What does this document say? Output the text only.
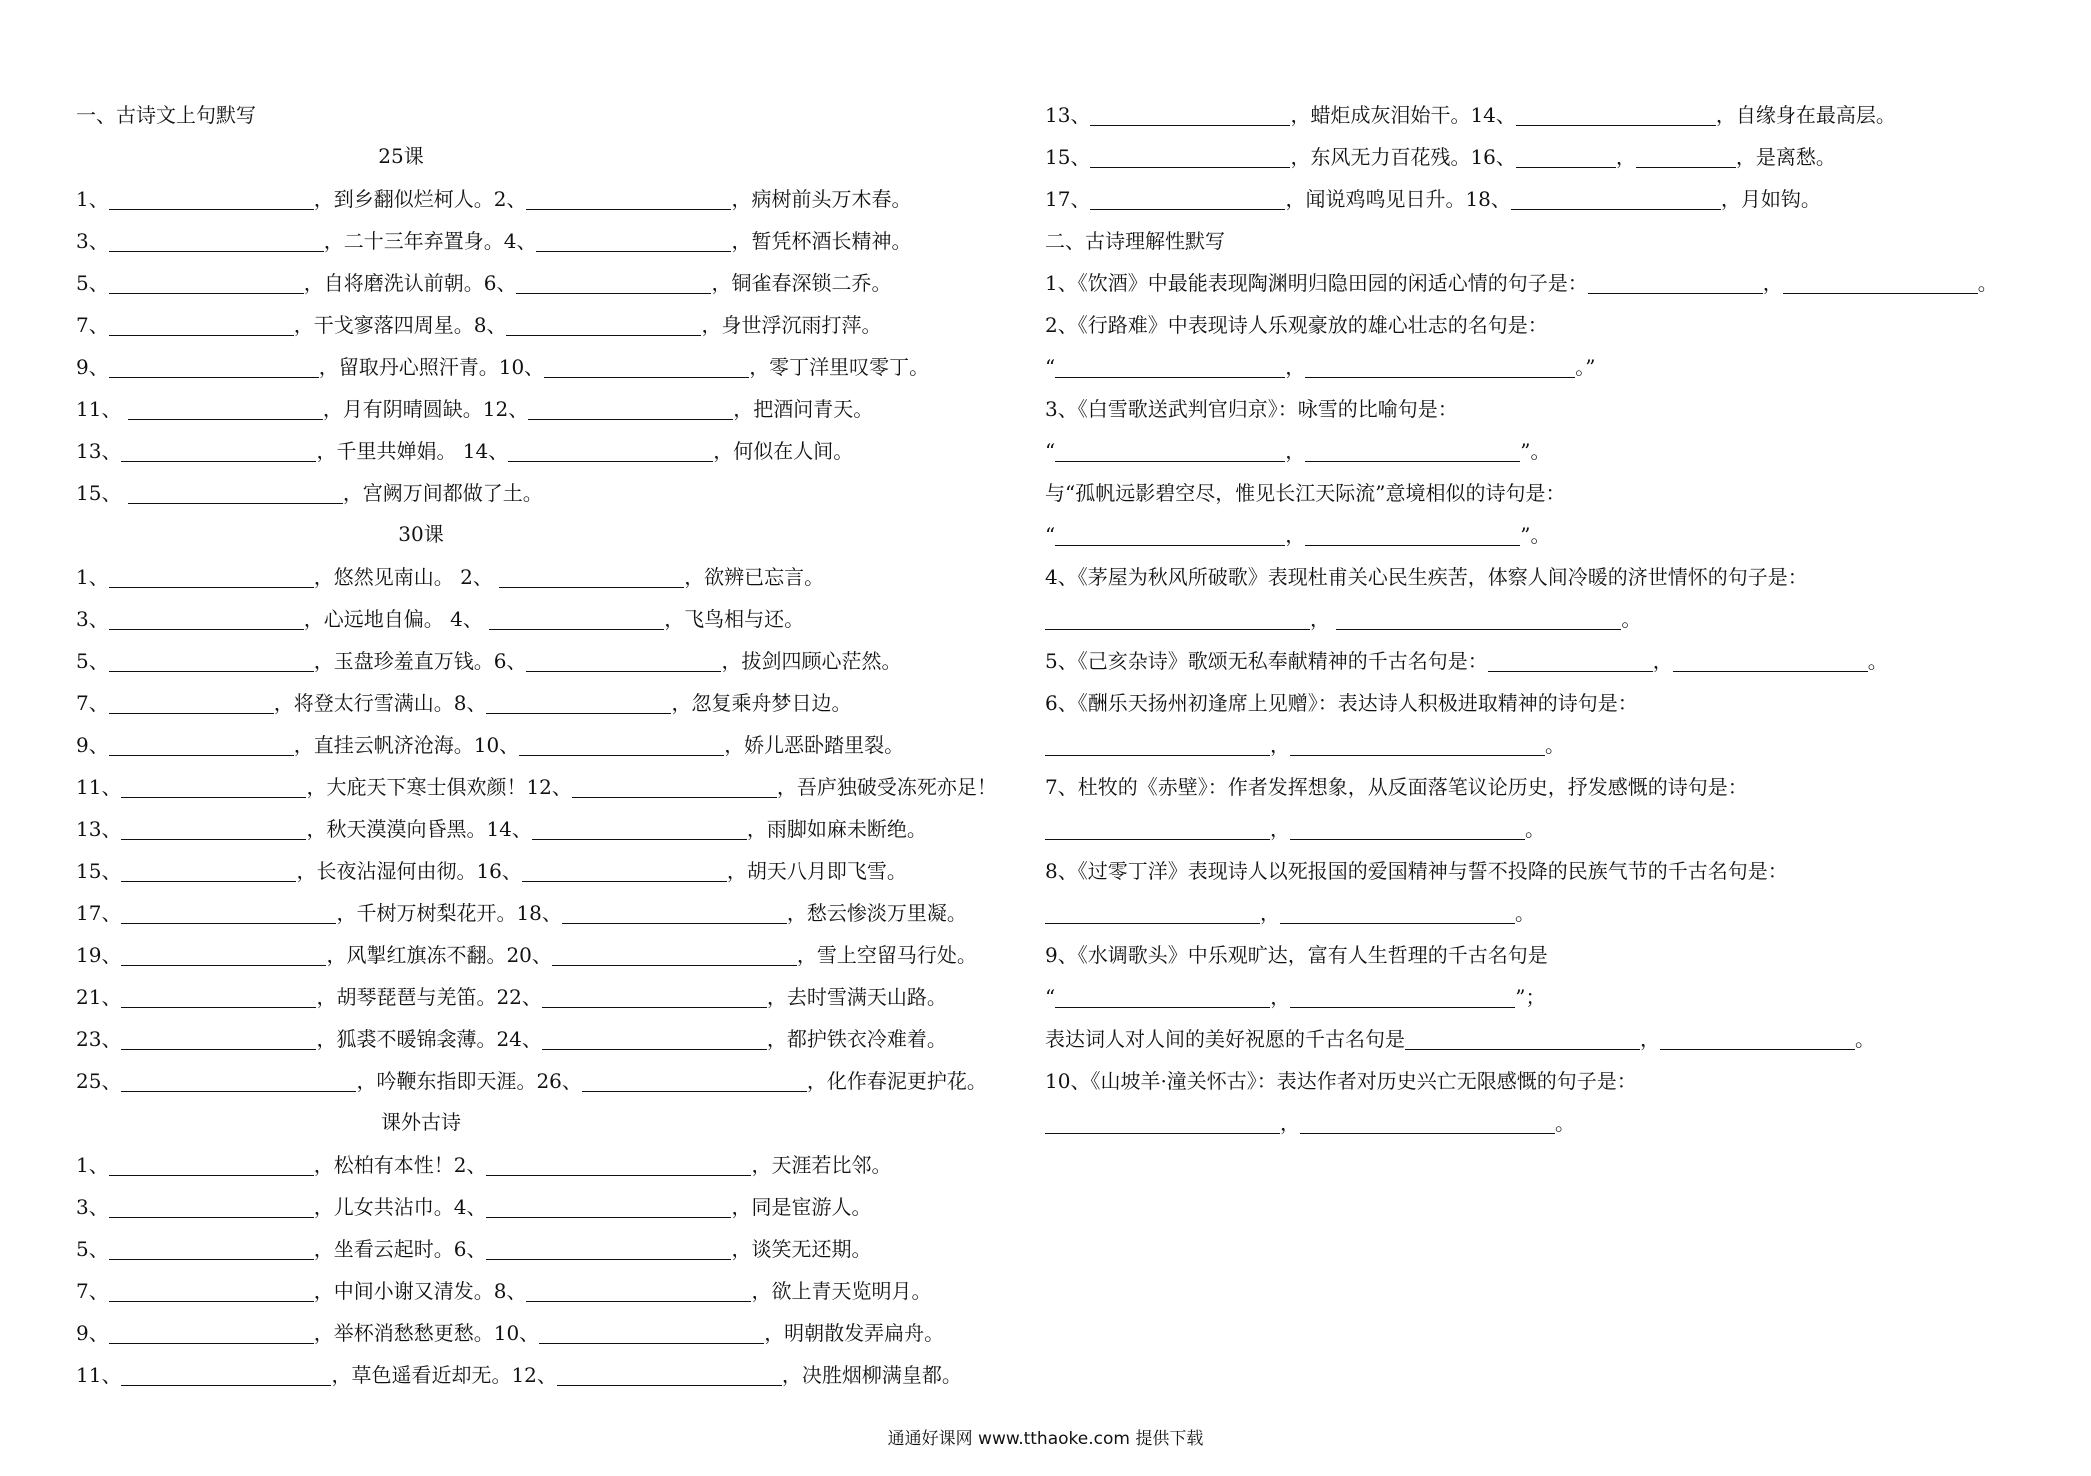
一、古诗文上句默写
25课
30课
课外古诗
1、	，到乡翻似烂柯人。2、	，病树前头万木春。
3、	，二十三年弃置身。4、	，暂凭杯酒长精神。
5、	，自将磨洗认前朝。6、	，铜雀春深锁二乔。
7、	，干戈寥落四周星。8、	，身世浮沉雨打萍。
9、	，留取丹心照汗青。10、	，零丁洋里叹零丁。
11、	，月有阴晴圆缺。12、	，把酒问青天。
13、	，千里共婵娟。 14、	，何似在人间。
15、	，宫阙万间都做了土。
1、	，悠然见南山。 2、	，欲辨已忘言。
3、	，心远地自偏。 4、	，飞鸟相与还。
5、	，玉盘珍羞直万钱。6、	，拔剑四顾心茫然。
7、	，将登太行雪满山。8、	，忽复乘舟梦日边。
9、	，直挂云帆济沧海。10、	，娇儿恶卧踏里裂。
11、	，大庇天下寒士俱欢颜！12、	，吾庐独破受冻死亦足！
13、	，秋天漠漠向昏黑。14、	，雨脚如麻未断绝。
15、	，长夜沾湿何由彻。16、	，胡天八月即飞雪。
17、	，千树万树梨花开。18、	，愁云惨淡万里凝。
19、	，风掣红旗冻不翻。20、	，雪上空留马行处。
21、	，胡琴琵琶与羌笛。22、	，去时雪满天山路。
23、	，狐裘不暖锦衾薄。24、	，都护铁衣冷难着。
25、	，吟鞭东指即天涯。26、	，化作春泥更护花。
1、	，松柏有本性！2、	，天涯若比邻。
3、	，儿女共沾巾。4、	，同是宦游人。
5、	，坐看云起时。6、	，谈笑无还期。
7、	，中间小谢又清发。8、	，欲上青天览明月。
9、	，举杯消愁愁更愁。10、	，明朝散发弄扁舟。
11、	，草色遥看近却无。12、	，决胜烟柳满皇都。
二、古诗理解性默写
13、	，蜡炬成灰泪始干。14、	，自缘身在最高层。
15、	，东风无力百花残。16、	，	，是离愁。
17、	，闻说鸡鸣见日升。18、	，月如钩。
1、《饮酒》中最能表现陶渊明归隐田园的闲适心情的句子是：	，	。
2、《行路难》中表现诗人乐观豪放的雄心壮志的名句是：
“	，	。”
3、《白雪歌送武判官归京》：咏雪的比喻句是：
“	，	”。
与“孤帆远影碧空尽，惟见长江天际流”意境相似的诗句是：
“	，	”。
4、《茅屋为秋风所破歌》表现杜甫关心民生疾苦，体察人间冷暖的济世情怀的句子是：
，	。
5、《己亥杂诗》歌颂无私奉献精神的千古名句是：	，	。
6、《酬乐天扬州初逢席上见赠》：表达诗人积极进取精神的诗句是：
，	。
7、杜牧的《赤壁》：作者发挥想象，从反面落笔议论历史，抒发感慨的诗句是：
，	。
8、《过零丁洋》表现诗人以死报国的爱国精神与誓不投降的民族气节的千古名句是：
，	。
9、《水调歌头》中乐观旷达，富有人生哲理的千古名句是
“	，	”；
表达词人对人间的美好祝愿的千古名句是	，	。
10、《山坡羊·潼关怀古》：表达作者对历史兴亡无限感慨的句子是：
，	。
通通好课网 www.tthaoke.com 提供下载
